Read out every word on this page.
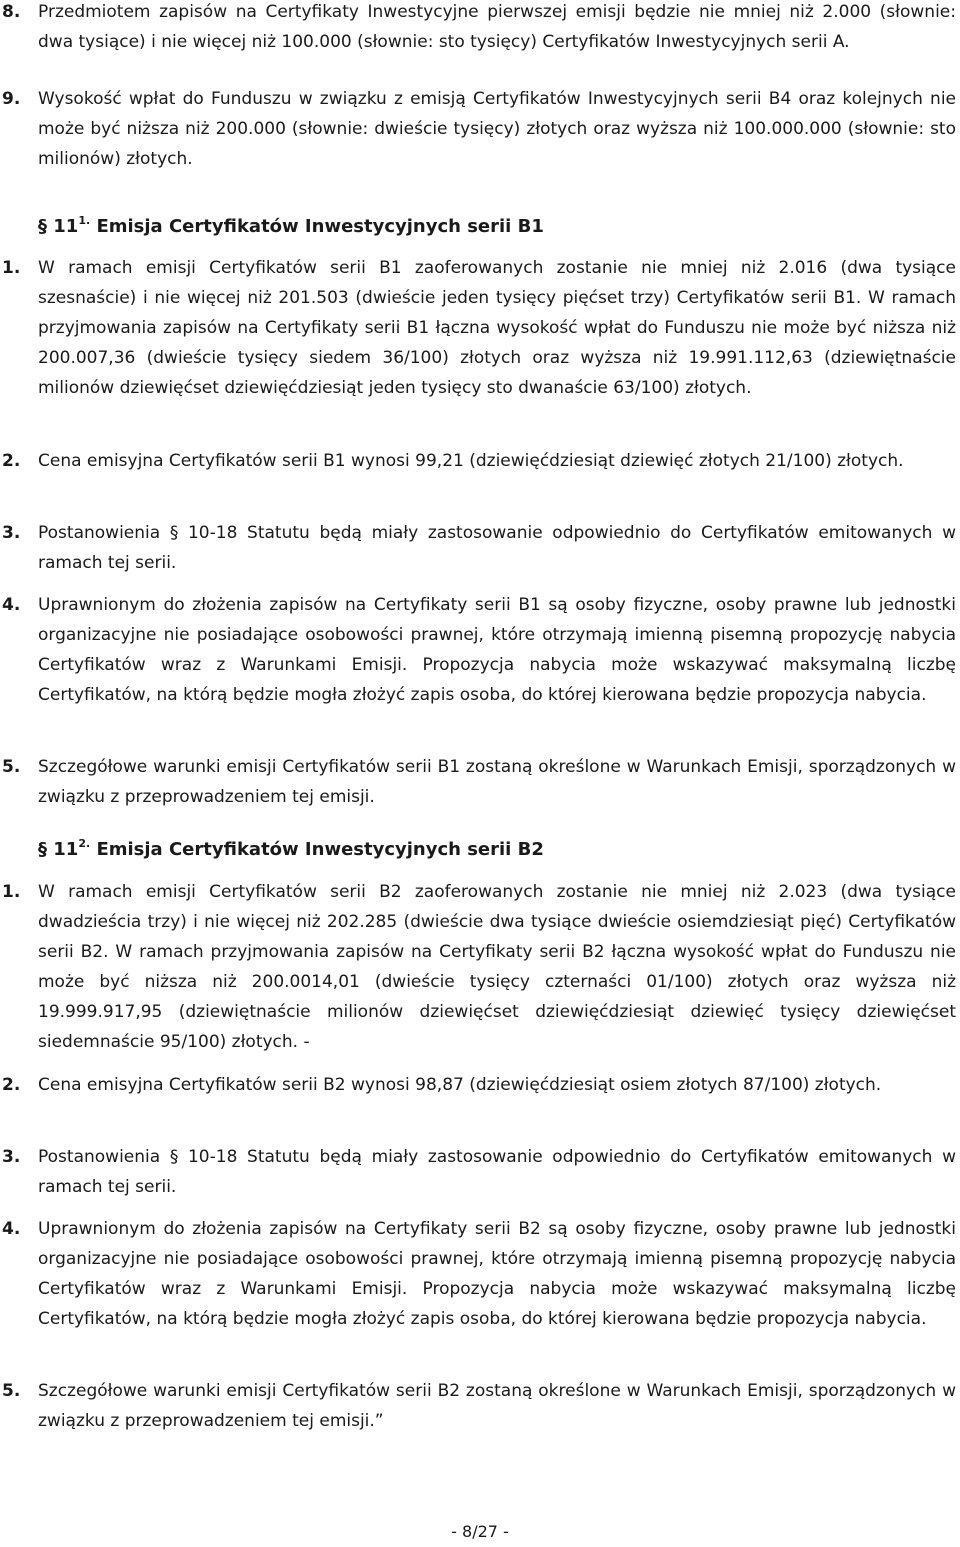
8. Przedmiotem zapisów na Certyfikaty Inwestycyjne pierwszej emisji będzie nie mniej niż 2.000 (słownie: dwa tysiące) i nie więcej niż 100.000 (słownie: sto tysięcy) Certyfikatów Inwestycyjnych serii A.
9. Wysokość wpłat do Funduszu w związku z emisją Certyfikatów Inwestycyjnych serii B4 oraz kolejnych nie może być niższa niż 200.000 (słownie: dwieście tysięcy) złotych oraz wyższa niż 100.000.000 (słownie: sto milionów) złotych.
§ $11^{1.}$ Emisja Certyfikatów Inwestycyjnych serii B1
1. W ramach emisji Certyfikatów serii B1 zaoferowanych zostanie nie mniej niż 2.016 (dwa tysiące szesnaście) i nie więcej niż 201.503 (dwieście jeden tysięcy pięćset trzy) Certyfikatów serii B1. W ramach przyjmowania zapisów na Certyfikaty serii B1 łączna wysokość wpłat do Funduszu nie może być niższa niż 200.007,36 (dwieście tysięcy siedem 36/100) złotych oraz wyższa niż 19.991.112,63 (dziewiętnaście milionów dziewięćset dziewięćdziesiąt jeden tysięcy sto dwanaście 63/100) złotych.
2. Cena emisyjna Certyfikatów serii B1 wynosi 99,21 (dziewięćdziesiąt dziewięć złotych 21/100) złotych.
3. Postanowienia § 10-18 Statutu będą miały zastosowanie odpowiednio do Certyfikatów emitowanych w ramach tej serii.
4. Uprawnionym do złożenia zapisów na Certyfikaty serii B1 są osoby fizyczne, osoby prawne lub jednostki organizacyjne nie posiadające osobowości prawnej, które otrzymają imienną pisemną propozycję nabycia Certyfikatów wraz z Warunkami Emisji. Propozycja nabycia może wskazywać maksymalną liczbę Certyfikatów, na którą będzie mogła złożyć zapis osoba, do której kierowana będzie propozycja nabycia.
5. Szczegółowe warunki emisji Certyfikatów serii B1 zostaną określone w Warunkach Emisji, sporządzonych w związku z przeprowadzeniem tej emisji.
§ $11^{2.}$ Emisja Certyfikatów Inwestycyjnych serii B2
1. W ramach emisji Certyfikatów serii B2 zaoferowanych zostanie nie mniej niż 2.023 (dwa tysiące dwadzieścia trzy) i nie więcej niż 202.285 (dwieście dwa tysiące dwieście osiemdziesiąt pięć) Certyfikatów serii B2. W ramach przyjmowania zapisów na Certyfikaty serii B2 łączna wysokość wpłat do Funduszu nie może być niższa niż 200.0014,01 (dwieście tysięcy czternaści 01/100) złotych oraz wyższa niż 19.999.917,95 (dziewiętnaście milionów dziewięćset dziewięćdziesiąt dziewięć tysięcy dziewięćset siedemnaście 95/100) złotych. -
2. Cena emisyjna Certyfikatów serii B2 wynosi 98,87 (dziewięćdziesiąt osiem złotych 87/100) złotych.
3. Postanowienia § 10-18 Statutu będą miały zastosowanie odpowiednio do Certyfikatów emitowanych w ramach tej serii.
4. Uprawnionym do złożenia zapisów na Certyfikaty serii B2 są osoby fizyczne, osoby prawne lub jednostki organizacyjne nie posiadające osobowości prawnej, które otrzymają imienną pisemną propozycję nabycia Certyfikatów wraz z Warunkami Emisji. Propozycja nabycia może wskazywać maksymalną liczbę Certyfikatów, na którą będzie mogła złożyć zapis osoba, do której kierowana będzie propozycja nabycia.
5. Szczegółowe warunki emisji Certyfikatów serii B2 zostaną określone w Warunkach Emisji, sporządzonych w związku z przeprowadzeniem tej emisji.”
- 8/27 -
